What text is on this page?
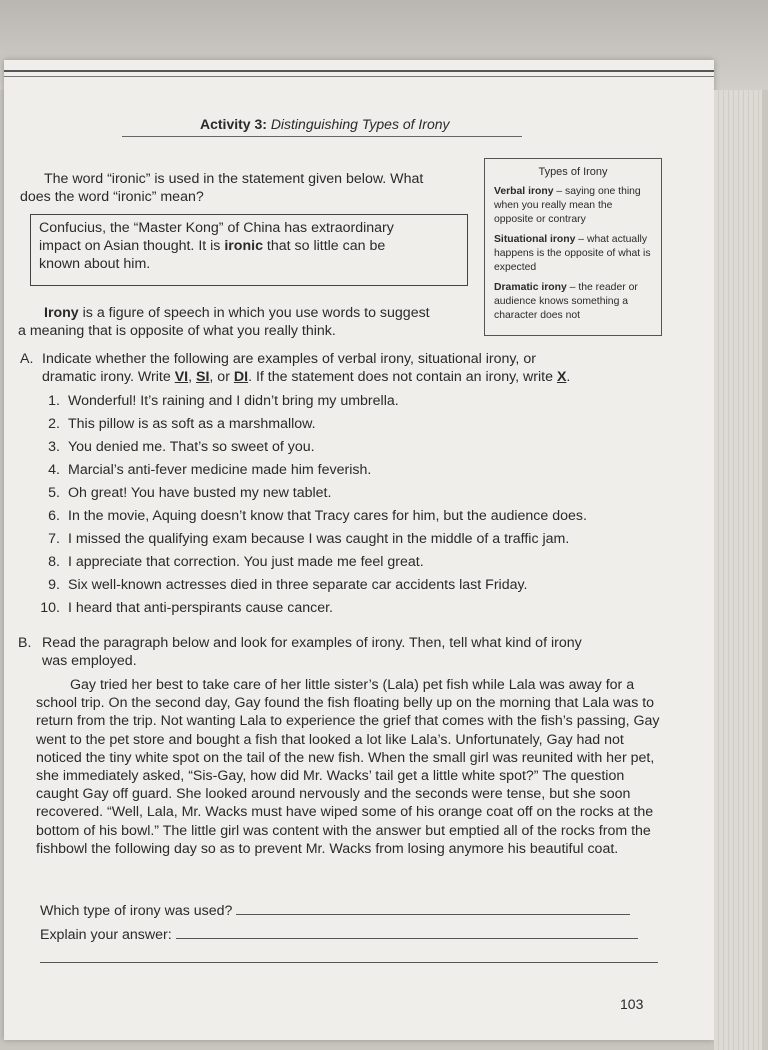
Activity 3: Distinguishing Types of Irony
The word “ironic” is used in the statement given below. What
does the word “ironic” mean?
Confucius, the “Master Kong” of China has extraordinary
impact on Asian thought. It is ironic that so little can be
known about him.
Irony is a figure of speech in which you use words to suggest
a meaning that is opposite of what you really think.
Types of Irony

Verbal irony – saying one thing when you really mean the opposite or contrary

Situational irony – what actually happens is the opposite of what is expected

Dramatic irony – the reader or audience knows something a character does not

A. Indicate whether the following are examples of verbal irony, situational irony, or
dramatic irony. Write VI, SI, or DI. If the statement does not contain an irony, write X.
1. Wonderful! It’s raining and I didn’t bring my umbrella.
2. This pillow is as soft as a marshmallow.
3. You denied me. That’s so sweet of you.
4. Marcial’s anti-fever medicine made him feverish.
5. Oh great! You have busted my new tablet.
6. In the movie, Aquing doesn’t know that Tracy cares for him, but the audience does.
7. I missed the qualifying exam because I was caught in the middle of a traffic jam.
8. I appreciate that correction. You just made me feel great.
9. Six well-known actresses died in three separate car accidents last Friday.
10. I heard that anti-perspirants cause cancer.
B. Read the paragraph below and look for examples of irony. Then, tell what kind of irony
was employed.
Gay tried her best to take care of her little sister’s (Lala) pet fish while Lala was away for a school trip. On the second day, Gay found the fish floating belly up on the morning that Lala was to return from the trip. Not wanting Lala to experience the grief that comes with the fish’s passing, Gay went to the pet store and bought a fish that looked a lot like Lala’s. Unfortunately, Gay had not noticed the tiny white spot on the tail of the new fish. When the small girl was reunited with her pet, she immediately asked, “Sis-Gay, how did Mr. Wacks’ tail get a little white spot?” The question caught Gay off guard. She looked around nervously and the seconds were tense, but she soon recovered. “Well, Lala, Mr. Wacks must have wiped some of his orange coat off on the rocks at the bottom of his bowl.” The little girl was content with the answer but emptied all of the rocks from the fishbowl the following day so as to prevent Mr. Wacks from losing anymore his beautiful coat.
Which type of irony was used?
Explain your answer:
103
